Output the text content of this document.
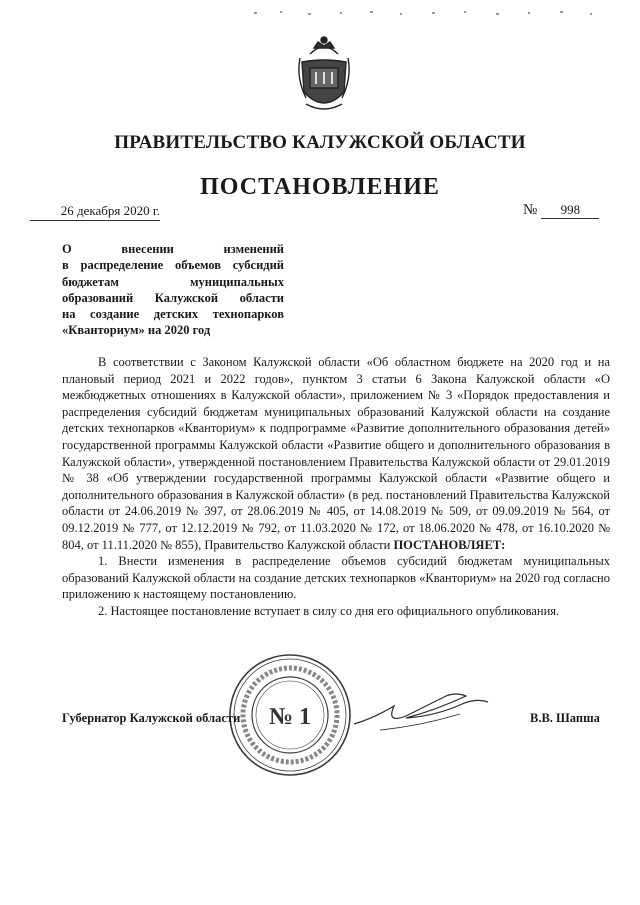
ПРАВИТЕЛЬСТВО КАЛУЖСКОЙ ОБЛАСТИ
ПОСТАНОВЛЕНИЕ
26 декабря 2020 г.	№ 998
О внесении изменений
в распределение объемов субсидий
бюджетам муниципальных
образований Калужской области
на создание детских технопарков
«Кванториум» на 2020 год

В соответствии с Законом Калужской области «Об областном бюджете на 2020 год и на плановый период 2021 и 2022 годов», пунктом 3 статьи 6 Закона Калужской области «О межбюджетных отношениях в Калужской области», приложением № 3 «Порядок предоставления и распределения субсидий бюджетам муниципальных образований Калужской области на создание детских технопарков «Кванториум» к подпрограмме «Развитие дополнительного образования детей» государственной программы Калужской области «Развитие общего и дополнительного образования в Калужской области», утвержденной постановлением Правительства Калужской области от 29.01.2019 № 38 «Об утверждении государственной программы Калужской области «Развитие общего и дополнительного образования в Калужской области» (в ред. постановлений Правительства Калужской области от 24.06.2019 № 397, от 28.06.2019 № 405, от 14.08.2019 № 509, от 09.09.2019 № 564, от 09.12.2019 № 777, от 12.12.2019 № 792, от 11.03.2020 № 172, от 18.06.2020 № 478, от 16.10.2020 № 804, от 11.11.2020 № 855), Правительство Калужской области ПОСТАНОВЛЯЕТ:

1. Внести изменения в распределение объемов субсидий бюджетам муниципальных образований Калужской области на создание детских технопарков «Кванториум» на 2020 год согласно приложению к настоящему постановлению.

2. Настоящее постановление вступает в силу со дня его официального опубликования.

№ 1
Губернатор Калужской области	В.В. Шапша
